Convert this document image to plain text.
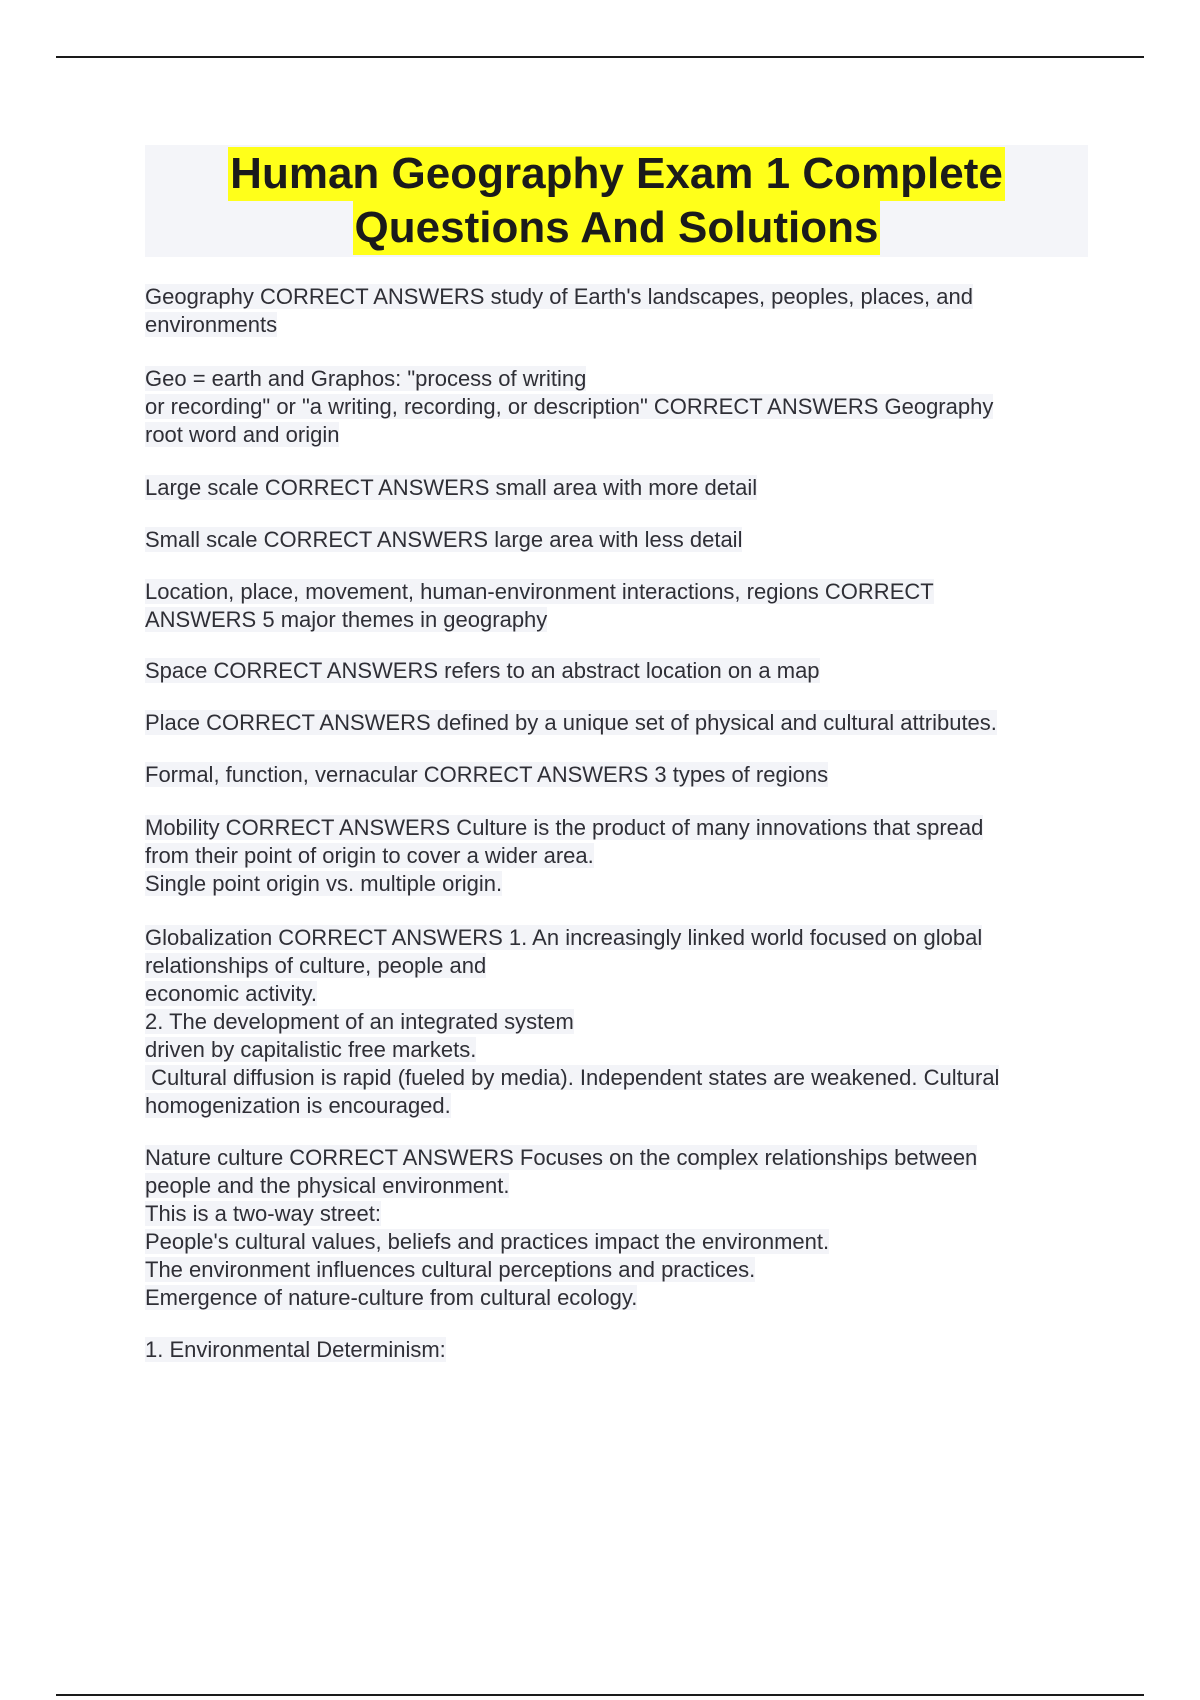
Human Geography Exam 1 Complete
Questions And Solutions
Geography CORRECT ANSWERS study of Earth's landscapes, peoples, places, and
environments
Geo = earth and Graphos: "process of writing
or recording" or "a writing, recording, or description" CORRECT ANSWERS Geography
root word and origin
Large scale CORRECT ANSWERS small area with more detail
Small scale CORRECT ANSWERS large area with less detail
Location, place, movement, human-environment interactions, regions CORRECT
ANSWERS 5 major themes in geography
Space CORRECT ANSWERS refers to an abstract location on a map
Place CORRECT ANSWERS defined by a unique set of physical and cultural attributes.
Formal, function, vernacular CORRECT ANSWERS 3 types of regions
Mobility CORRECT ANSWERS Culture is the product of many innovations that spread
from their point of origin to cover a wider area.
Single point origin vs. multiple origin.
Globalization CORRECT ANSWERS 1. An increasingly linked world focused on global
relationships of culture, people and
economic activity.
2. The development of an integrated system
driven by capitalistic free markets.
Cultural diffusion is rapid (fueled by media). Independent states are weakened. Cultural
homogenization is encouraged.
Nature culture CORRECT ANSWERS Focuses on the complex relationships between
people and the physical environment.
This is a two-way street:
People's cultural values, beliefs and practices impact the environment.
The environment influences cultural perceptions and practices.
Emergence of nature-culture from cultural ecology.
1. Environmental Determinism:
